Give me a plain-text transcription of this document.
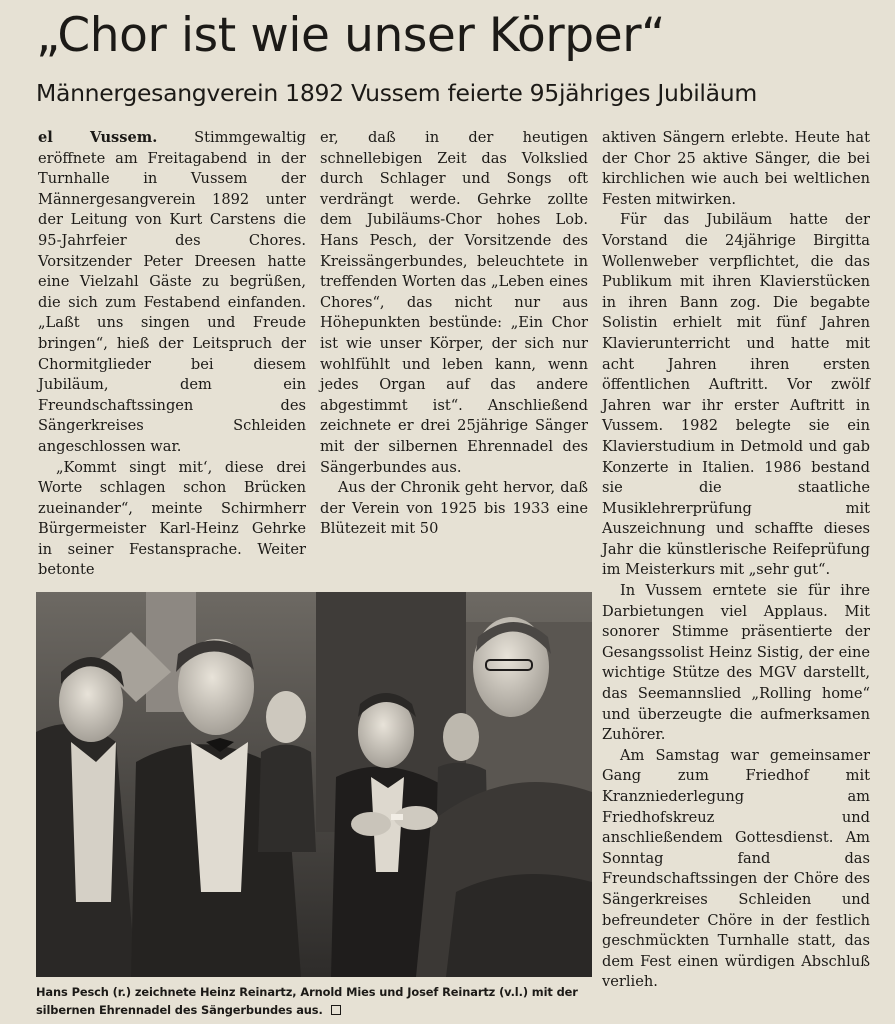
„Chor ist wie unser Körper“
Männergesangverein 1892 Vussem feierte 95jähriges Jubiläum

el Vussem.	Stimmgewaltig eröffnete am Freitagabend in der Turnhalle in Vussem der Männergesangverein 1892 unter der Leitung von Kurt Carstens die 95-Jahrfeier des Chores. Vorsitzender Peter Dreesen hatte eine Vielzahl Gäste zu begrüßen, die sich zum Festabend einfanden. „Laßt uns singen und Freude bringen“, hieß der Leitspruch der Chormitglieder bei diesem Jubiläum, dem ein Freundschaftssingen des Sängerkreises Schleiden angeschlossen war.

„Kommt singt mit‘, diese drei Worte schlagen schon Brücken zueinander“, meinte Schirmherr Bürgermeister Karl-Heinz Gehrke in seiner Festansprache. Weiter betonte

er, daß in der heutigen schnellebigen Zeit das Volkslied durch Schlager und Songs oft verdrängt werde. Gehrke zollte dem Jubiläums-Chor hohes Lob. Hans Pesch, der Vorsitzende des Kreissängerbundes, beleuchtete in treffenden Worten das „Leben eines Chores“, das nicht nur aus Höhepunkten bestünde: „Ein Chor ist wie unser Körper, der sich nur wohlfühlt und leben kann, wenn jedes Organ auf das andere abgestimmt ist“. Anschließend zeichnete er drei 25jährige Sänger mit der silbernen Ehrennadel des Sängerbundes aus.

Aus der Chronik geht hervor, daß der Verein von 1925 bis 1933 eine Blütezeit mit 50

aktiven Sängern erlebte. Heute hat der Chor 25 aktive Sänger, die bei kirchlichen wie auch bei weltlichen Festen mitwirken.

Für das Jubiläum hatte der Vorstand die 24jährige Birgitta Wollenweber verpflichtet, die das Publikum mit ihren Klavierstücken in ihren Bann zog. Die begabte Solistin erhielt mit fünf Jahren Klavierunterricht und hatte mit acht Jahren ihren ersten öffentlichen Auftritt. Vor zwölf Jahren war ihr erster Auftritt in Vussem. 1982 belegte sie ein Klavierstudium in Detmold und gab Konzerte in Italien. 1986 bestand sie die staatliche Musiklehrerprüfung mit Auszeichnung und schaffte dieses Jahr die künstlerische Reifeprüfung im Meisterkurs mit „sehr gut“.

In Vussem erntete sie für ihre Darbietungen viel Applaus. Mit sonorer Stimme präsentierte der Gesangssolist Heinz Sistig, der eine wichtige Stütze des MGV darstellt, das Seemannslied „Rolling home“ und überzeugte die aufmerksamen Zuhörer.

Am Samstag war gemeinsamer Gang zum Friedhof mit Kranzniederlegung am Friedhofskreuz und anschließendem Gottesdienst. Am Sonntag fand das Freundschaftssingen der Chöre des Sängerkreises Schleiden und befreundeter Chöre in der festlich geschmückten Turnhalle statt, das dem Fest einen würdigen Abschluß verlieh.

Hans Pesch (r.) zeichnete Heinz Reinartz, Arnold Mies und Josef Reinartz (v.l.) mit der silbernen Ehrennadel des Sängerbundes aus.
